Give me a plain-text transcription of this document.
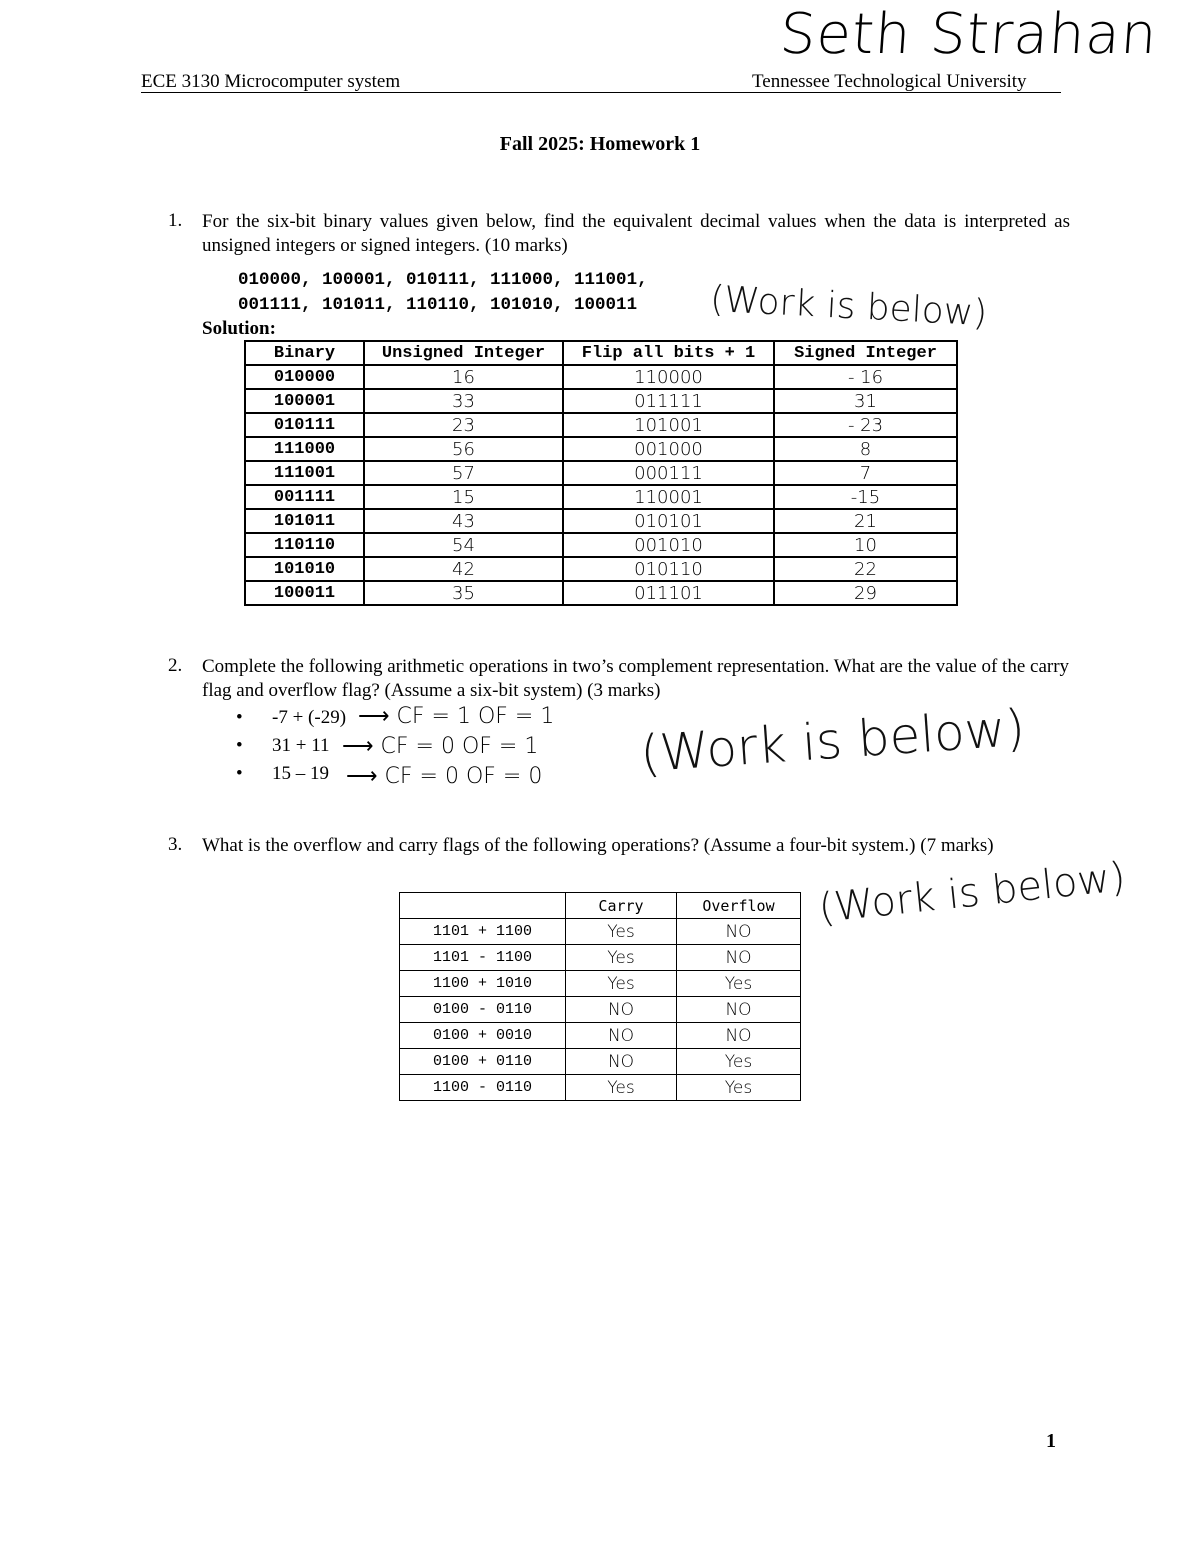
Seth Strahan
ECE 3130 Microcomputer system	Tennessee Technological University
Fall 2025: Homework 1
1. For the six-bit binary values given below, find the equivalent decimal values when the data is interpreted as unsigned integers or signed integers. (10 marks)
010000, 100001, 010111, 111000, 111001,
001111, 101011, 110110, 101010, 100011
Solution:	(Work is below)
Binary	Unsigned Integer	Flip all bits + 1	Signed Integer
010000	16	110000	- 16
100001	33	011111	31
010111	23	101001	- 23
111000	56	001000	8
111001	57	000111	7
001111	15	110001	-15
101011	43	010101	21
110110	54	001010	10
101010	42	010110	22
100011	35	011101	29
2. Complete the following arithmetic operations in two’s complement representation. What are the value of the carry flag and overflow flag? (Assume a six-bit system) (3 marks)
• -7 + (-29) ⟶ CF = 1 OF = 1
• 31 + 11 ⟶ CF = 0 OF = 1
• 15 – 19 ⟶ CF = 0 OF = 0 (Work is below)
3. What is the overflow and carry flags of the following operations? (Assume a four-bit system.) (7 marks)
(Work is below)
	Carry	Overflow
1101 + 1100	Yes	NO
1101 - 1100	Yes	NO
1100 + 1010	Yes	Yes
0100 - 0110	NO	NO
0100 + 0010	NO	NO
0100 + 0110	NO	Yes
1100 - 0110	Yes	Yes
1
